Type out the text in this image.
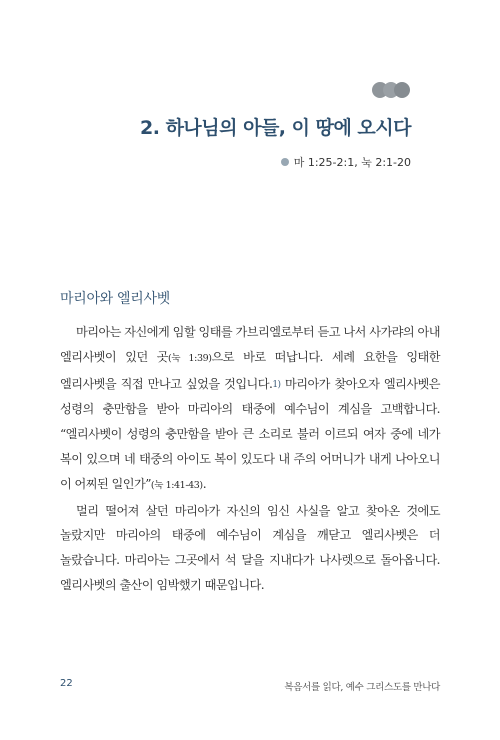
2. 하나님의 아들, 이 땅에 오시다
마 1:25-2:1, 눅 2:1-20
마리아와 엘리사벳

마리아는 자신에게 임할 잉태를 가브리엘로부터 듣고 나서 사가랴의 아내 엘리사벳이 있던 곳(눅 1:39)으로 바로 떠납니다. 세례 요한을 잉태한 엘리사벳을 직접 만나고 싶었을 것입니다.1) 마리아가 찾아오자 엘리사벳은 성령의 충만함을 받아 마리아의 태중에 예수님이 계심을 고백합니다. “엘리사벳이 성령의 충만함을 받아 큰 소리로 불러 이르되 여자 중에 네가 복이 있으며 네 태중의 아이도 복이 있도다 내 주의 어머니가 내게 나아오니 이 어찌된 일인가”(눅 1:41-43).

멀리 떨어져 살던 마리아가 자신의 임신 사실을 알고 찾아온 것에도 놀랐지만 마리아의 태중에 예수님이 계심을 깨닫고 엘리사벳은 더 놀랐습니다. 마리아는 그곳에서 석 달을 지내다가 나사렛으로 돌아옵니다. 엘리사벳의 출산이 임박했기 때문입니다.

22	복음서를 읽다, 예수 그리스도를 만나다
